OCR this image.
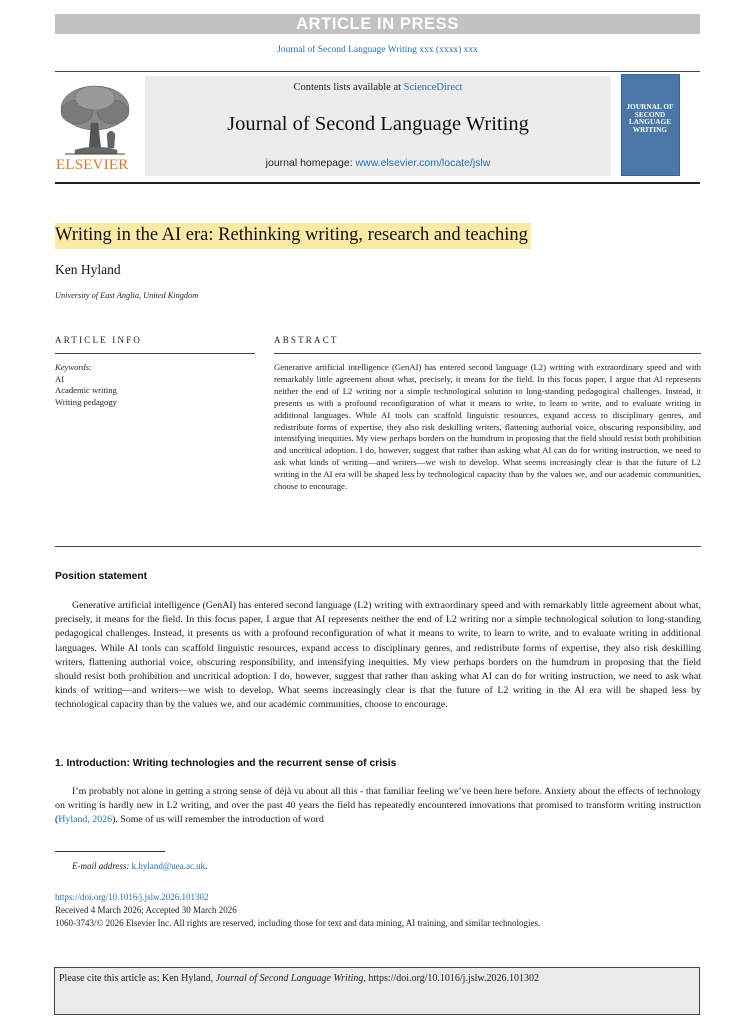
ARTICLE IN PRESS
Journal of Second Language Writing xxx (xxxx) xxx
ELSEVIER
Contents lists available at ScienceDirect
Journal of Second Language Writing
journal homepage: www.elsevier.com/locate/jslw
JOURNAL OF
SECOND
LANGUAGE
WRITING
Writing in the AI era: Rethinking writing, research and teaching
Ken Hyland
University of East Anglia, United Kingdom
ARTICLE INFO	ABSTRACT
Keywords:
AI
Academic writing
Writing pedagogy
Generative artificial intelligence (GenAI) has entered second language (L2) writing with extraordinary speed and with remarkably little agreement about what, precisely, it means for the field. In this focus paper, I argue that AI represents neither the end of L2 writing nor a simple technological solution to long-standing pedagogical challenges. Instead, it presents us with a profound reconfiguration of what it means to write, to learn to write, and to evaluate writing in additional languages. While AI tools can scaffold linguistic resources, expand access to disciplinary genres, and redistribute forms of expertise, they also risk deskilling writers, flattening authorial voice, obscuring responsibility, and intensifying inequities. My view perhaps borders on the humdrum in proposing that the field should resist both prohibition and uncritical adoption. I do, however, suggest that rather than asking what AI can do for writing instruction, we need to ask what kinds of writing—and writers—we wish to develop. What seems increasingly clear is that the future of L2 writing in the AI era will be shaped less by technological capacity than by the values we, and our academic communities, choose to encourage.
Position statement
Generative artificial intelligence (GenAI) has entered second language (L2) writing with extraordinary speed and with remarkably little agreement about what, precisely, it means for the field. In this focus paper, I argue that AI represents neither the end of L2 writing nor a simple technological solution to long-standing pedagogical challenges. Instead, it presents us with a profound reconfiguration of what it means to write, to learn to write, and to evaluate writing in additional languages. While AI tools can scaffold linguistic resources, expand access to disciplinary genres, and redistribute forms of expertise, they also risk deskilling writers, flattening authorial voice, obscuring responsibility, and intensifying inequities. My view perhaps borders on the humdrum in proposing that the field should resist both prohibition and uncritical adoption. I do, however, suggest that rather than asking what AI can do for writing instruction, we need to ask what kinds of writing—and writers—we wish to develop. What seems increasingly clear is that the future of L2 writing in the AI era will be shaped less by technological capacity than by the values we, and our academic communities, choose to encourage.
1. Introduction: Writing technologies and the recurrent sense of crisis
I’m probably not alone in getting a strong sense of déjà vu about all this - that familiar feeling we’ve been here before. Anxiety about the effects of technology on writing is hardly new in L2 writing, and over the past 40 years the field has repeatedly encountered innovations that promised to transform writing instruction (Hyland, 2026). Some of us will remember the introduction of word
E-mail address: k.hyland@uea.ac.uk.
https://doi.org/10.1016/j.jslw.2026.101302
Received 4 March 2026; Accepted 30 March 2026
1060-3743/© 2026 Elsevier Inc. All rights are reserved, including those for text and data mining, AI training, and similar technologies.
Please cite this article as: Ken Hyland, Journal of Second Language Writing, https://doi.org/10.1016/j.jslw.2026.101302
